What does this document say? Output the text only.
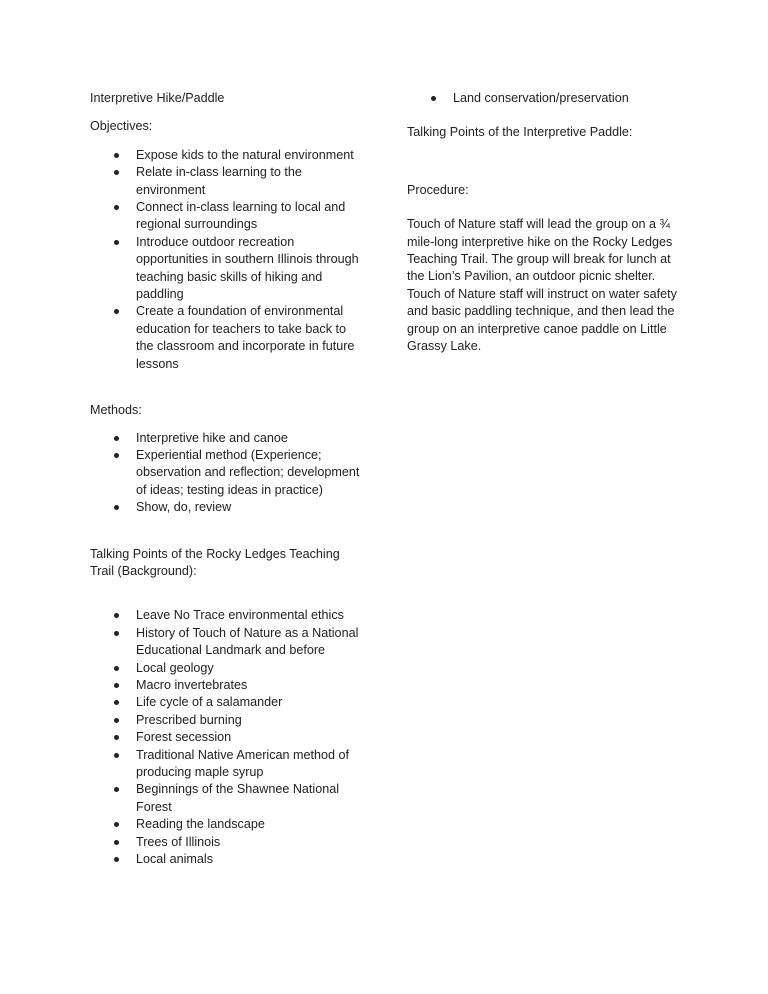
Interpretive Hike/Paddle

Objectives:

Expose kids to the natural environment
Relate in-class learning to the environment
Connect in-class learning to local and regional surroundings
Introduce outdoor recreation opportunities in southern Illinois through teaching basic skills of hiking and paddling
Create a foundation of environmental education for teachers to take back to the classroom and incorporate in future lessons

Methods:

Interpretive hike and canoe
Experiential method (Experience; observation and reflection; development of ideas; testing ideas in practice)
Show, do, review

Talking Points of the Rocky Ledges Teaching Trail (Background):

Leave No Trace environmental ethics
History of Touch of Nature as a National Educational Landmark and before
Local geology
Macro invertebrates
Life cycle of a salamander
Prescribed burning
Forest secession
Traditional Native American method of producing maple syrup
Beginnings of the Shawnee National Forest
Reading the landscape
Trees of Illinois
Local animals
Land conservation/preservation

Talking Points of the Interpretive Paddle:

Procedure:

Touch of Nature staff will lead the group on a ¾ mile-long interpretive hike on the Rocky Ledges Teaching Trail. The group will break for lunch at the Lion’s Pavilion, an outdoor picnic shelter. Touch of Nature staff will instruct on water safety and basic paddling technique, and then lead the group on an interpretive canoe paddle on Little Grassy Lake.
